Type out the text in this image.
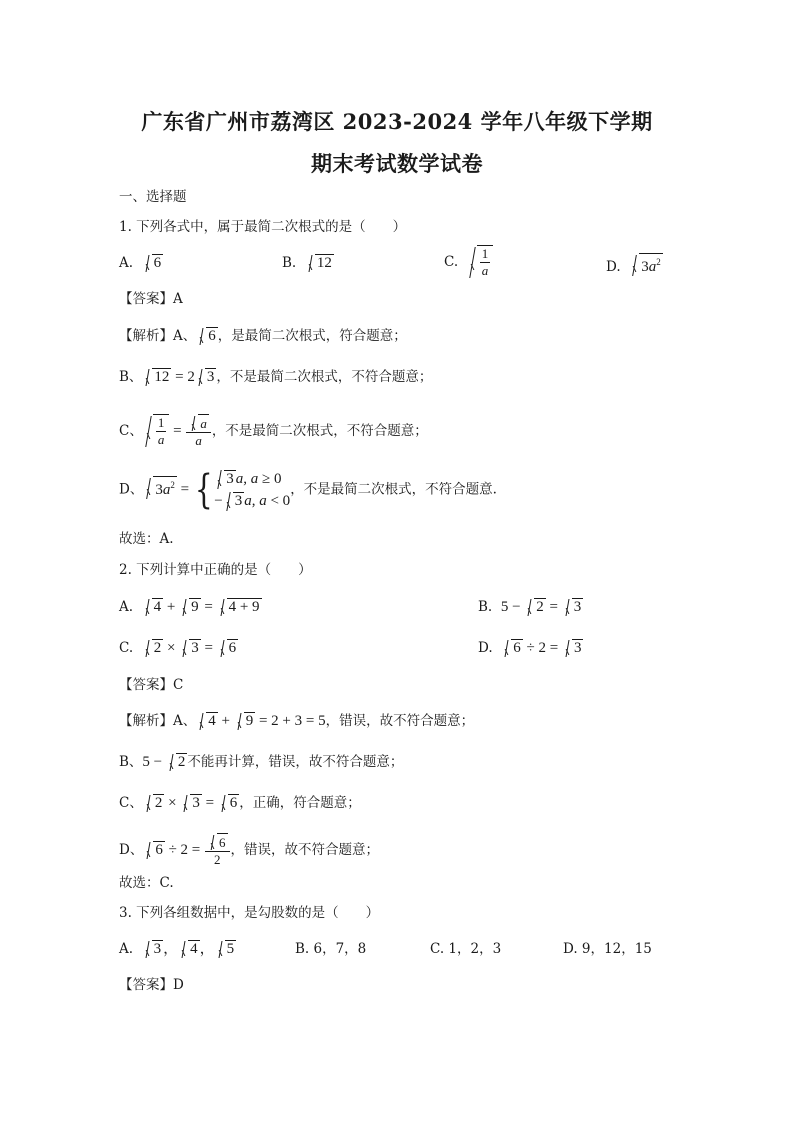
广东省广州市荔湾区 2023-2024 学年八年级下学期
期末考试数学试卷
一、选择题
1. 下列各式中，属于最简二次根式的是（　　）
A. 6	B. 12	C. $\frac{1}{a}$	D. $3a^2$
【答案】A
【解析】A、 6 ，是最简二次根式，符合题意；
B、 12 = 2 3 ，不是最简二次根式，不符合题意；
C、 $\frac{1}{a} = \frac{a}{a}$ ，不是最简二次根式，不符合题意；
D、 $3a^2$ = { 3 a, a ≥ 0
− 3 a, a < 0
，不是最简二次根式，不符合题意.
故选：A.
2. 下列计算中正确的是（　　）
A. 4 + 9 = 4 + 9	B. 5 − 2 = 3
C. 2 × 3 = 6	D. 6 ÷ 2 = 3
【答案】C
【解析】A、 4 + 9 = 2 + 3 = 5，错误，故不符合题意；
B、5 − 2 不能再计算，错误，故不符合题意；
C、 2 × 3 = 6 ，正确，符合题意；
D、 $6 \div 2 = \frac{6}{2}$ ，错误，故不符合题意；
故选：C.
3. 下列各组数据中，是勾股数的是（　　）
A. 3 ， 4 ， 5	B. 6，7，8	C. 1，2，3	D. 9，12，15
【答案】D
